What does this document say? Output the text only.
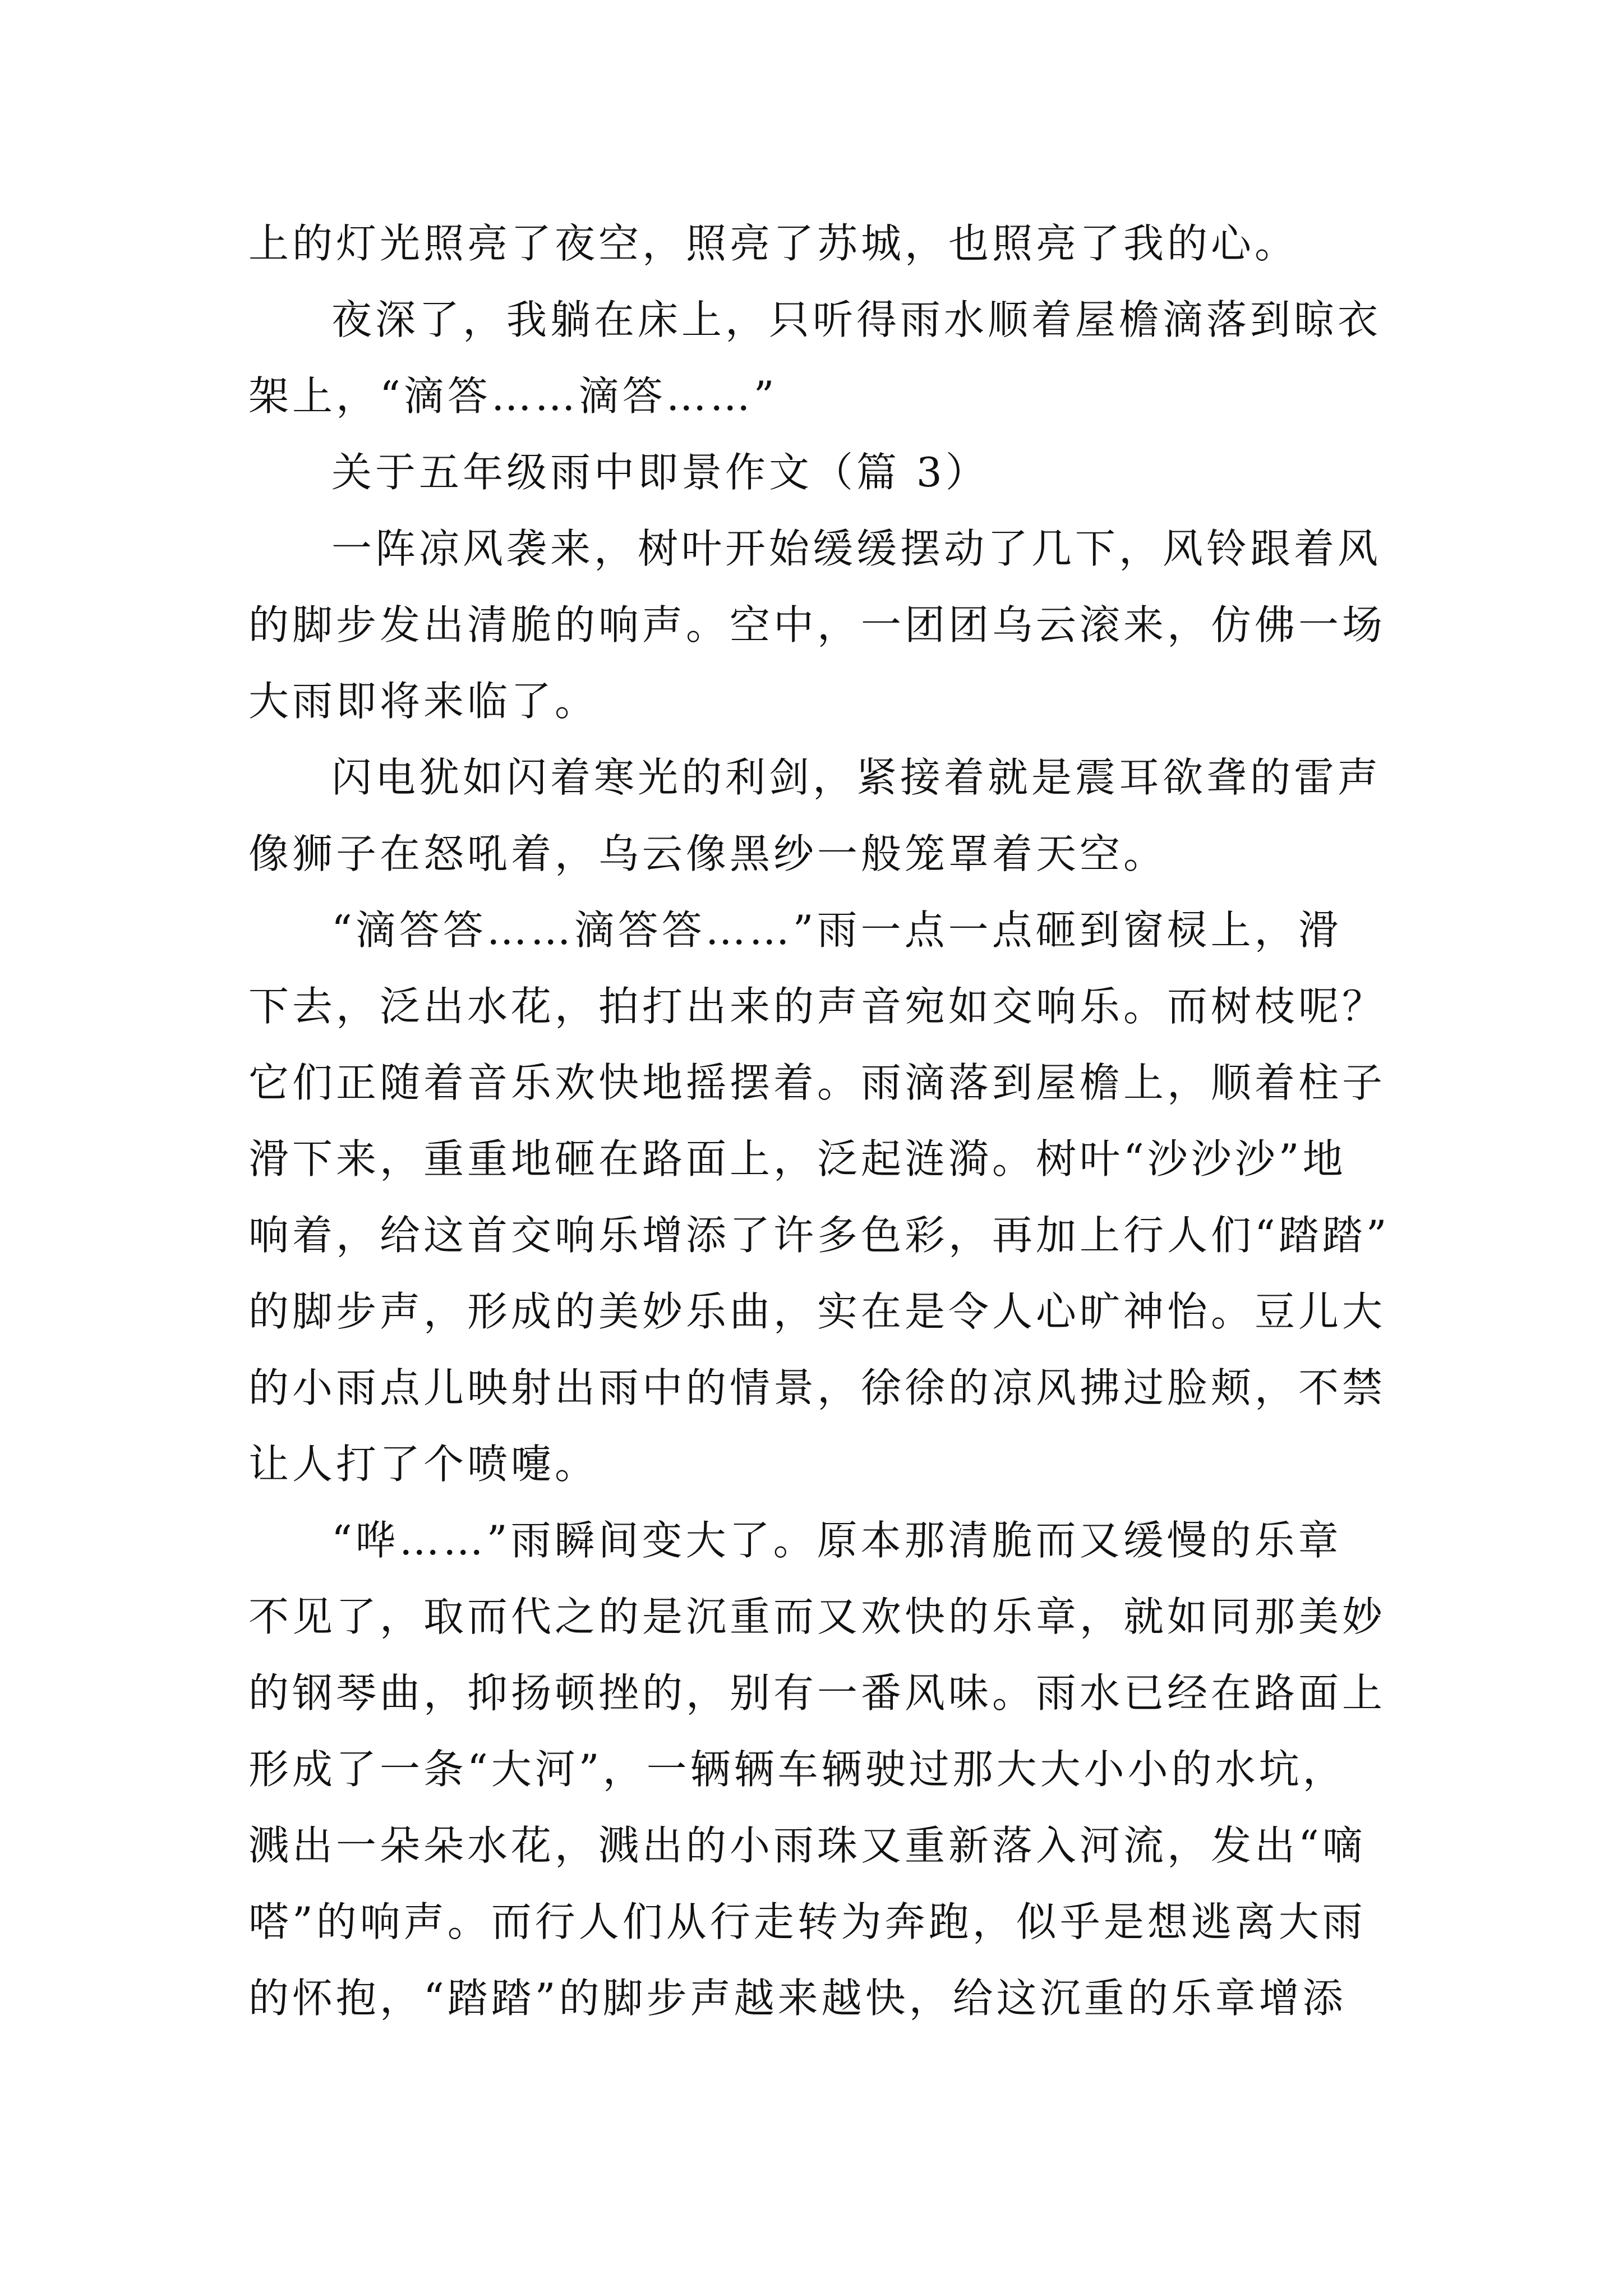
上的灯光照亮了夜空，照亮了苏城，也照亮了我的心。
夜深了，我躺在床上，只听得雨水顺着屋檐滴落到晾衣
架上，“滴答……滴答……”
关于五年级雨中即景作文（篇 3）
一阵凉风袭来，树叶开始缓缓摆动了几下，风铃跟着风
的脚步发出清脆的响声。空中，一团团乌云滚来，仿佛一场
大雨即将来临了。
闪电犹如闪着寒光的利剑，紧接着就是震耳欲聋的雷声
像狮子在怒吼着，乌云像黑纱一般笼罩着天空。
“滴答答……滴答答……”雨一点一点砸到窗棂上，滑
下去，泛出水花，拍打出来的声音宛如交响乐。而树枝呢？
它们正随着音乐欢快地摇摆着。雨滴落到屋檐上，顺着柱子
滑下来，重重地砸在路面上，泛起涟漪。树叶“沙沙沙”地
响着，给这首交响乐增添了许多色彩，再加上行人们“踏踏”
的脚步声，形成的美妙乐曲，实在是令人心旷神怡。豆儿大
的小雨点儿映射出雨中的情景，徐徐的凉风拂过脸颊，不禁
让人打了个喷嚏。
“哗……”雨瞬间变大了。原本那清脆而又缓慢的乐章
不见了，取而代之的是沉重而又欢快的乐章，就如同那美妙
的钢琴曲，抑扬顿挫的，别有一番风味。雨水已经在路面上
形成了一条“大河”，一辆辆车辆驶过那大大小小的水坑，
溅出一朵朵水花，溅出的小雨珠又重新落入河流，发出“嘀
嗒”的响声。而行人们从行走转为奔跑，似乎是想逃离大雨
的怀抱，“踏踏”的脚步声越来越快，给这沉重的乐章增添
